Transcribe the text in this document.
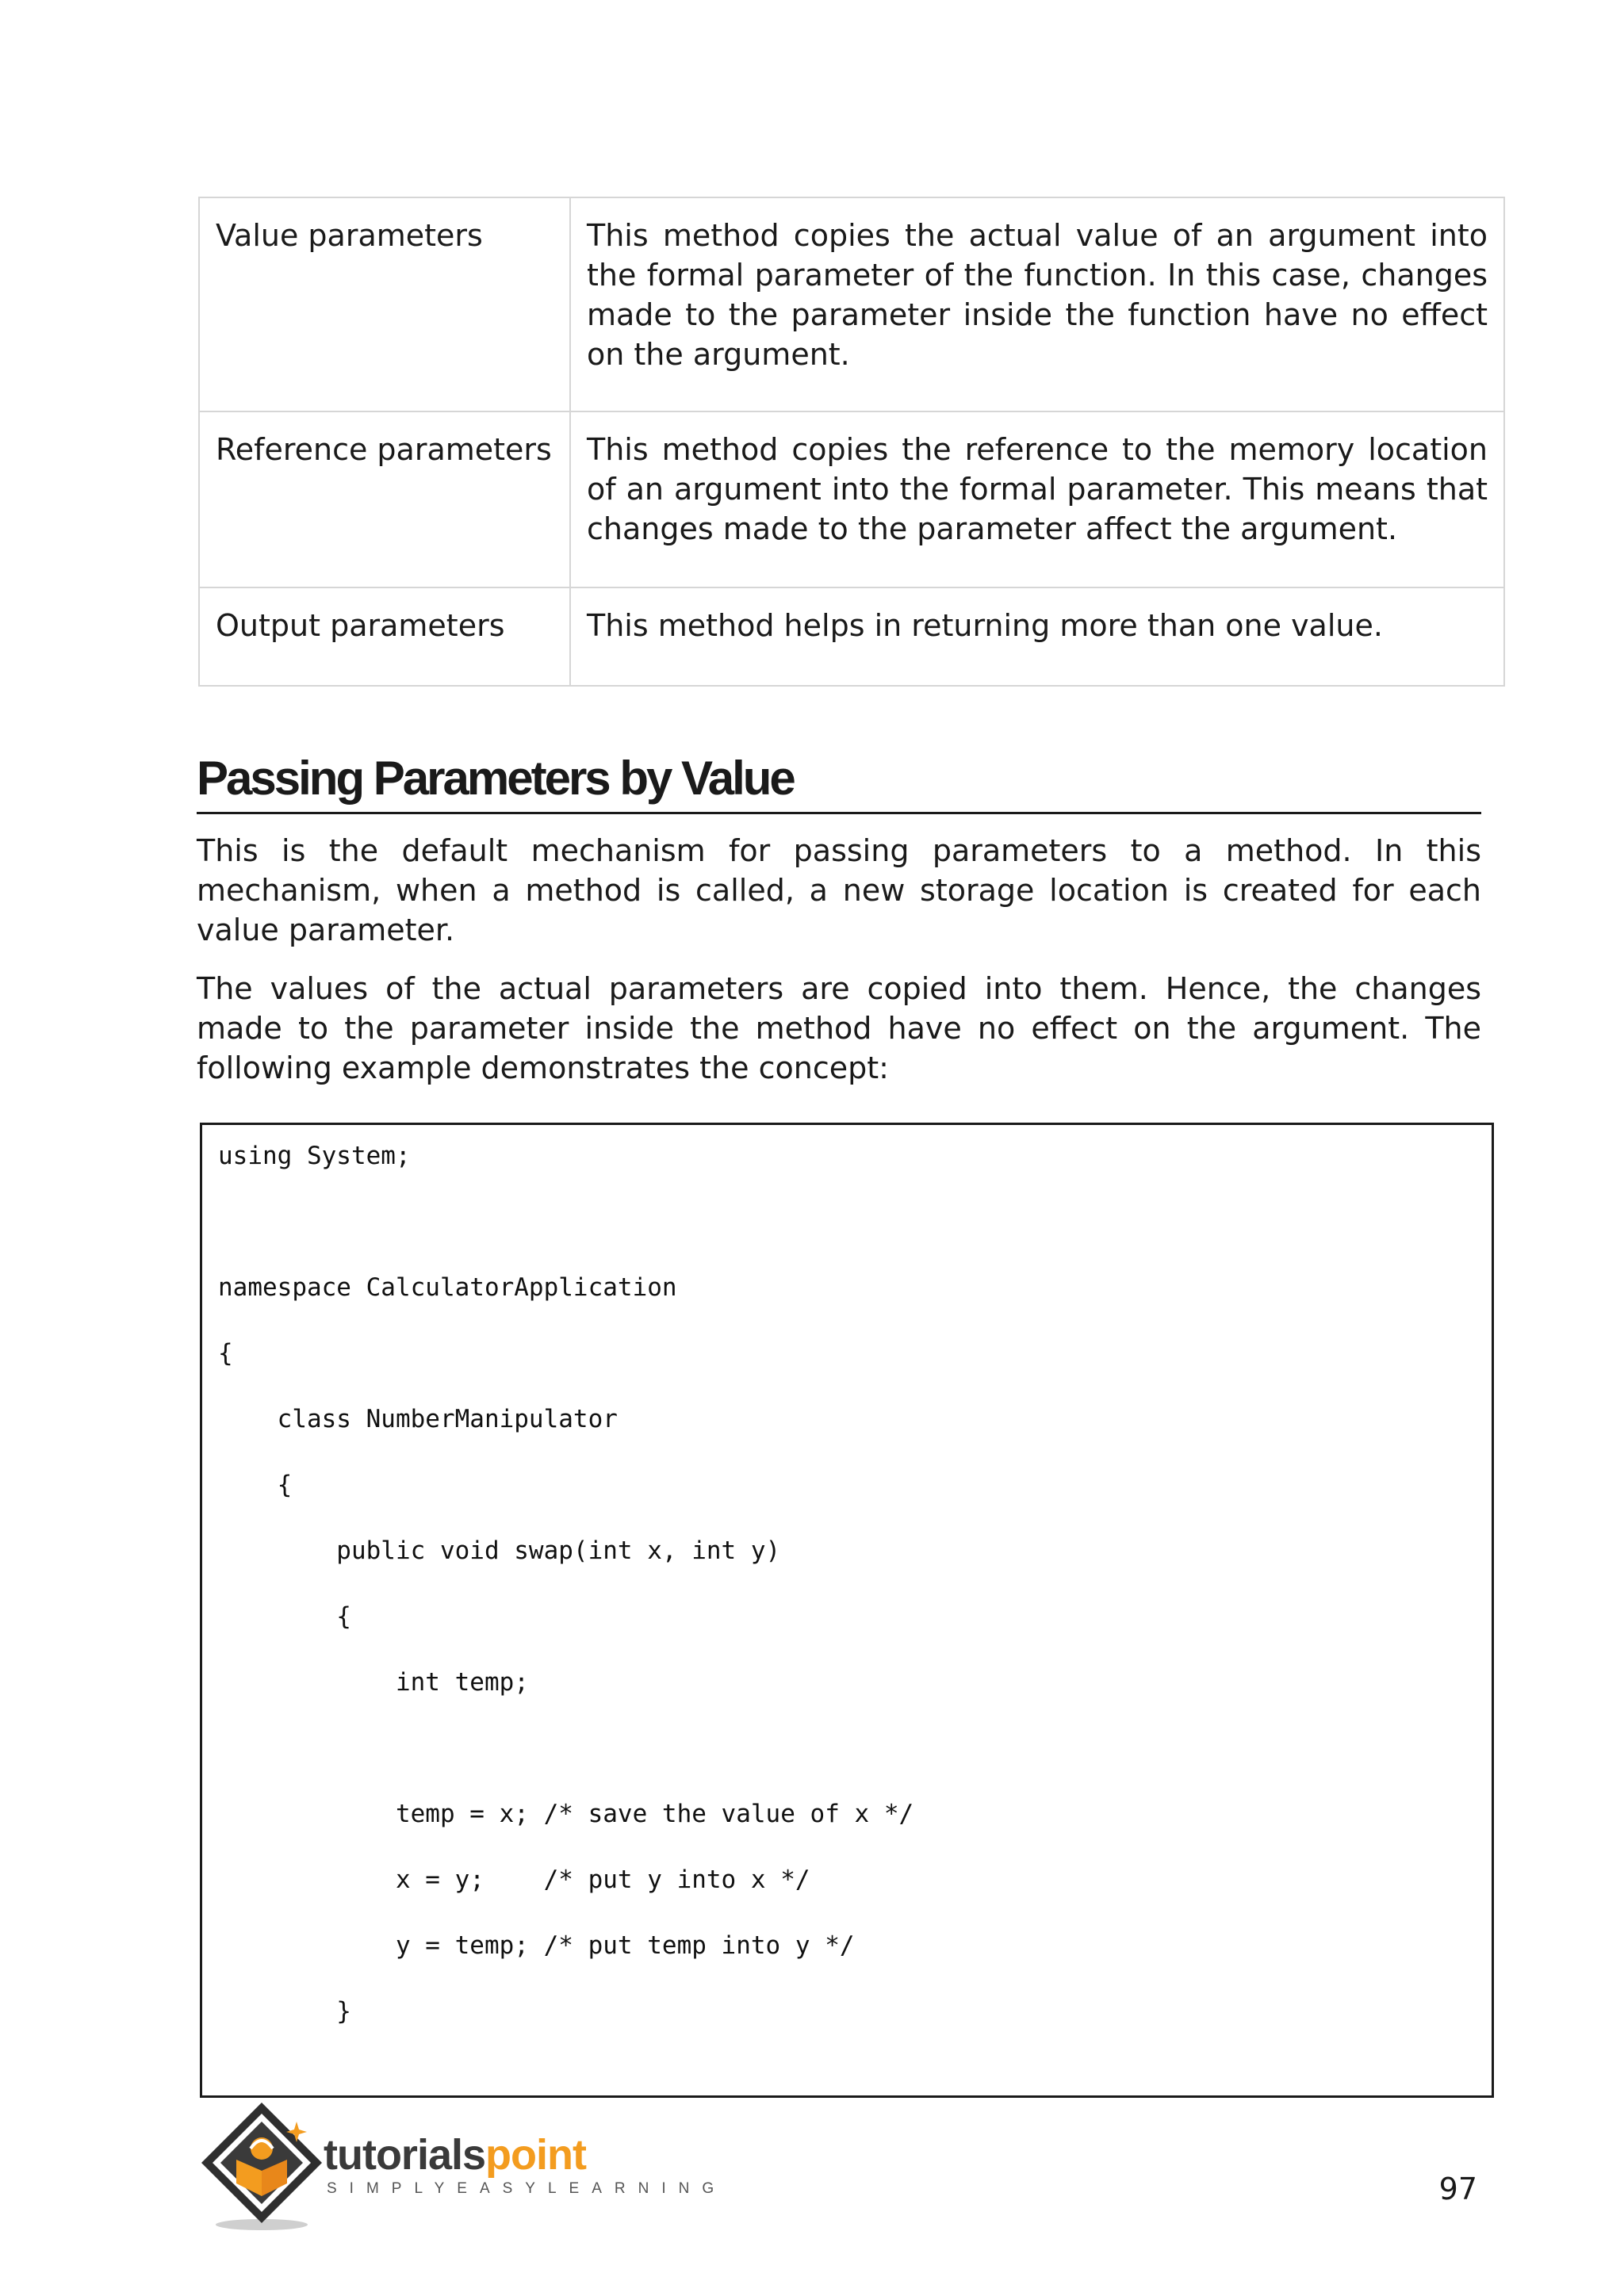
Value parameters	This method copies the actual value of an argument into the formal parameter of the function. In this case, changes made to the parameter inside the function have no effect on the argument.
Reference parameters	This method copies the reference to the memory location of an argument into the formal parameter. This means that changes made to the parameter affect the argument.
Output parameters	This method helps in returning more than one value.
Passing Parameters by Value

This is the default mechanism for passing parameters to a method. In this mechanism, when a method is called, a new storage location is created for each value parameter.

The values of the actual parameters are copied into them. Hence, the changes made to the parameter inside the method have no effect on the argument. The following example demonstrates the concept:

using System;
namespace CalculatorApplication
{
class NumberManipulator
{
public void swap(int x, int y)
{
int temp;
temp = x; /* save the value of x */
x = y;    /* put y into x */
y = temp; /* put temp into y */
}
tutorialspoint
SIMPLYEASYLEARNING	97
